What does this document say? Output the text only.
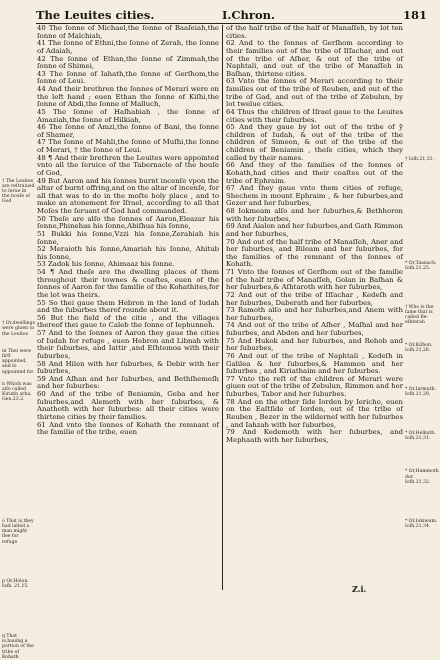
The Leuites cities.	I.Chron.	181
† The Leuites are reſtraiued to ſerue in the houſe of God
† Or,dwellings were giuen to the Leuites
m Thei were firſt appointed, and ſo appointed for
n Which was alſo called Kiriath arba. Gen.23,2.
o That is,they had lalled a man might flee for refuge
p Or,Holon. Ioſh. 21,15.
q That is,hauing a portion of the tribe of Kohath

40 The ſonne of Michael,the ſonne of Baaſeiah,the ſonne of Malchiah,

41 The ſonne of Ethni,the ſonne of Zerah, the ſonne of Adaiah,

42 The ſonne of Ethan,the ſonne of Zimmah,the ſonne of Shimei,

43 The ſonne of Iahath,the ſonne of Gerſhom,the ſonne of Leui.

44 And their brethren the ſonnes of Merari were on the left hand ; euen Ethan the ſonne of Kiſhi,the ſonne of Abdi,the ſonne of Malluch,

45 The ſonne of Haſhabiah , the ſonne of Amaziah,the ſonne of Hilkiah,

46 The ſonne of Amzi,the ſonne of Bani, the ſonne of Shamer,

47 The ſonne of Mahli,the ſonne of Muſhi,the ſonne of Merari, † the ſonne of Leui.

48 ¶ And their brethren the Leuites were appointed vnto all the ſeruice of the Tabernacle of the houſe of God,

49 But Aaron and his ſonnes burnt incenſe vpon the altar of burnt offring,and on the altar of incenſe, for all that was to do in the moſte holy place , and to make an atonement for Iſrael, according to all that Moſes the ſeruant of God had commanded.

50 Theſe are alſo the ſonnes of Aaron,Eleazar his ſonne,Phinehas his ſonne,Abiſhua his ſonne,

51 Bukki his ſonne,Vzzi his ſonne,Zerahiah his ſonne,

52 Meraioth his ſonne,Amariah his ſonne, Ahitub his ſonne,

53 Zadok his ſonne, Ahimaaz his ſonne.

54 ¶ And theſe are the dwelling places of them throughout their townes & coaſtes, euen of the ſonnes of Aaron for the familie of the Kohathites,for the lot was theirs.

55 So thei gaue them Hebron in the land of Iudah and the ſuburbes therof rounde about it.

56 But the field of the citie , and the villages thereof thei gaue to Caleb the ſonne of Iephunneh.

57 And to the ſonnes of Aaron they gaue the cities of Iudah for refuge , euen Hebron and Libnah with their ſuburbes, and Iattir ,and Eſhtemoa with their ſuburbes,

58 And Hilen with her ſuburbes, & Debir with her ſuburbes,

59 And Aſhan and her ſuburbes, and Bethſhemeſh and her ſuburbes:

60 And of the tribe of Beniamin, Geba and her ſuburbes,and Alemeth with her ſuburbes, & Anathoth with her ſuburbes: all their cities were thirtene cities by their families.

61 And vnto the ſonnes of Kohath the remnant of the familie of the tribe, euen

of the half tribe of the half of Manaſſeh, by lot ten cities.

62 And to the ſonnes of Gerſhom according to their families out of the tribe of Iſſachar, and out of the tribe of Aſher, & out of the tribe of Naphtali, and out of the tribe of Manaſſeh in Baſhan, thirtene cities.

63 Vnto the ſonnes of Merari according to their families out of the tribe of Reuben, and out of the tribe of Gad, and out of the tribe of Zebulun, by lot twelue cities.

64 Thus the children of Iſrael gaue to the Leuites cities with their ſuburbes.

65 And they gaue by lot out of the tribe of ỹ children of Iudah, & out of the tribe of the children of Simeon, & out of the tribe of the children of Beniamin , theſe cities, which they called by their names.

66 And they of the families of the ſonnes of Kohath,had cities and their coaſtes out of the tribe of Ephraim.

67 And they gaue vnto them cities of refuge, Shechem in mount Ephraim , & her ſuburbes,and Gezer and her ſuburbes,

68 Iokmeam alſo and her ſuburbes,& Bethhoron with her ſuburbes,

69 And Aialon and her ſuburbes,and Gath Rimmon and her ſuburbes,

70 And out of the half tribe of Manaſſeh, Aner and her ſuburbes, and Bileam and her ſuburbes, for the families of the remnant of the ſonnes of Kohath.

71 Vnto the ſonnes of Gerſhom out of the familie of the half tribe of Manaſſeh, Golan in Baſhan & her ſuburbes,& Aſhtaroth with her ſuburbes,

72 And out of the tribe of Iſſachar , Kedeſh and her ſuburbes, Daberath and her ſuburbes,

73 Ramoth alſo and her ſuburbes,and Anem with her ſuburbes,

74 And out of the tribe of Aſher , Maſhal and her ſuburbes, and Abdon and her ſuburbes,

75 And Hukok and her ſuburbes, and Rehob and her ſuburbes,

76 And out of the tribe of Naphtali , Kedeſh in Galilea & her ſuburbes,& Hammon and her ſuburbes , and Kiriathaim and her ſuburbes.

77 Vnto the reſt of the children of Merari were giuen out of the tribe of Zebulun, Rimmon and her ſuburbes, Tabor and her ſuburbes.

78 And on the other ſide Iorden by Iericho, euen on the Eaſtſide of Iorden, out of the tribe of Reuben , Bezer in the wilderneſ with her ſuburbes , and Iahzah with her ſuburbes,

79 And Kedemoth with her ſuburbes, and Mephaath with her ſuburbes,

† Ioſh.21,21.
* Or,Taanach. Ioſh.21,25.
† Who is the ſame that is called Be-eſhterah
* Or,Kiſhon. Ioſh.21,28.
* Or,Iarmuth. Ioſh.21,29.
* Or,Helkath. Ioſh.21,31.
* Or,Hammoth dor. Ioſh.21,32.
* Or,Iokneam. Ioſh.21,34.
Z.i.
